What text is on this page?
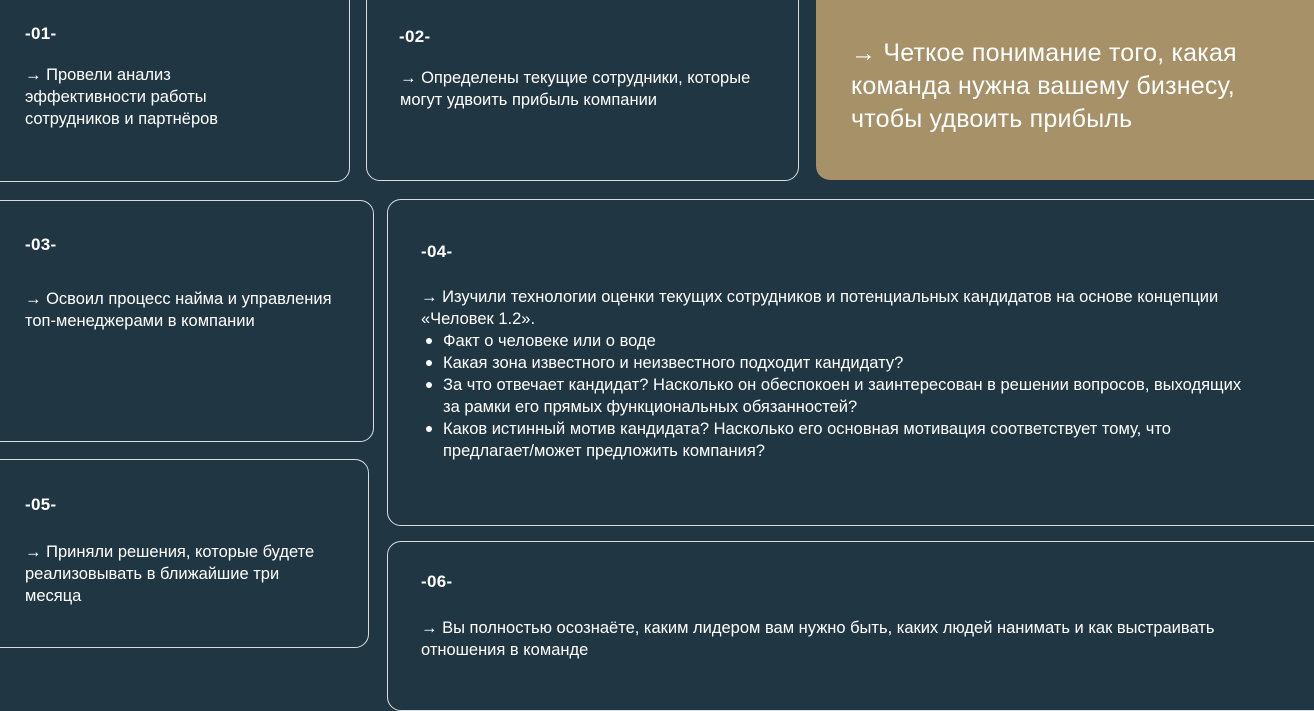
-01-
→ Провели анализ эффективности работы сотрудников и партнёров
-02-
→ Определены текущие сотрудники, которые могут удвоить прибыль компании
→ Четкое понимание того, какая команда нужна вашему бизнесу, чтобы удвоить прибыль
-03-
→ Освоил процесс найма и управления топ-менеджерами в компании
-04-
→ Изучили технологии оценки текущих сотрудников и потенциальных кандидатов на основе концепции «Человек 1.2».
Факт о человеке или о воде
Какая зона известного и неизвестного подходит кандидату?
За что отвечает кандидат? Насколько он обеспокоен и заинтересован в решении вопросов, выходящих за рамки его прямых функциональных обязанностей?
Каков истинный мотив кандидата? Насколько его основная мотивация соответствует тому, что предлагает/может предложить компания?
-05-
→ Приняли решения, которые будете реализовывать в ближайшие три месяца
-06-
→ Вы полностью осознаёте, каким лидером вам нужно быть, каких людей нанимать и как выстраивать отношения в команде
